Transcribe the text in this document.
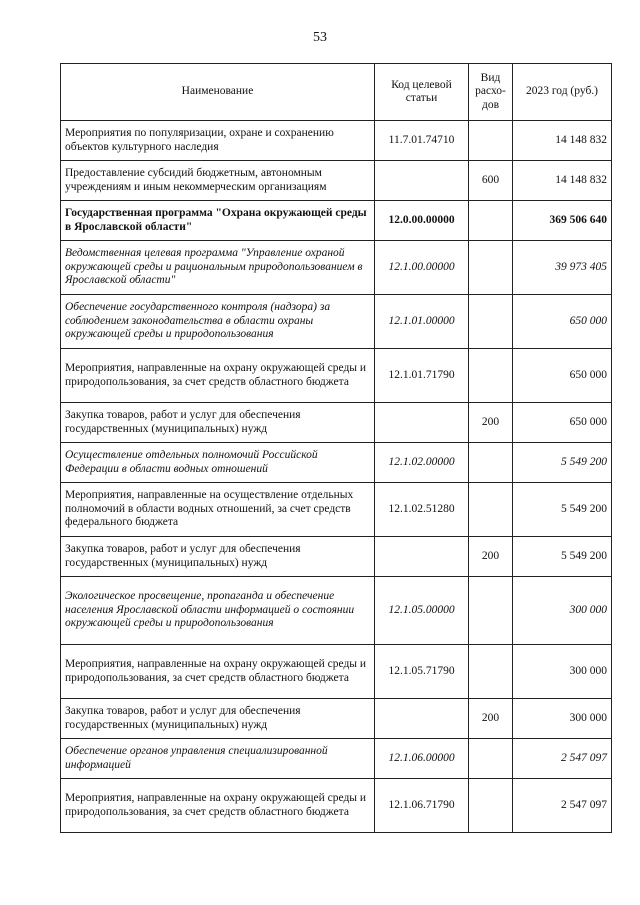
53
Наименование	Код целевой статьи	Вид расхо-дов	2023 год (руб.)
Мероприятия по популяризации, охране и сохранению объектов культурного наследия	11.7.01.74710		14 148 832
Предоставление субсидий бюджетным, автономным учреждениям и иным некоммерческим организациям		600	14 148 832
Государственная программа "Охрана окружающей среды в Ярославской области"	12.0.00.00000		369 506 640
Ведомственная целевая программа "Управление охраной окружающей среды и рациональным природопользованием в Ярославской области"	12.1.00.00000		39 973 405
Обеспечение государственного контроля (надзора) за соблюдением законодательства в области охраны окружающей среды и природопользования	12.1.01.00000		650 000
Мероприятия, направленные на охрану окружающей среды и природопользования, за счет средств областного бюджета	12.1.01.71790		650 000
Закупка товаров, работ и услуг для обеспечения государственных (муниципальных) нужд		200	650 000
Осуществление отдельных полномочий Российской Федерации в области водных отношений	12.1.02.00000		5 549 200
Мероприятия, направленные на осуществление отдельных полномочий в области водных отношений, за счет средств федерального бюджета	12.1.02.51280		5 549 200
Закупка товаров, работ и услуг для обеспечения государственных (муниципальных) нужд		200	5 549 200
Экологическое просвещение, пропаганда и обеспечение населения Ярославской области информацией о состоянии окружающей среды и природопользования	12.1.05.00000		300 000
Мероприятия, направленные на охрану окружающей среды и природопользования, за счет средств областного бюджета	12.1.05.71790		300 000
Закупка товаров, работ и услуг для обеспечения государственных (муниципальных) нужд		200	300 000
Обеспечение органов управления специализированной информацией	12.1.06.00000		2 547 097
Мероприятия, направленные на охрану окружающей среды и природопользования, за счет средств областного бюджета	12.1.06.71790		2 547 097
